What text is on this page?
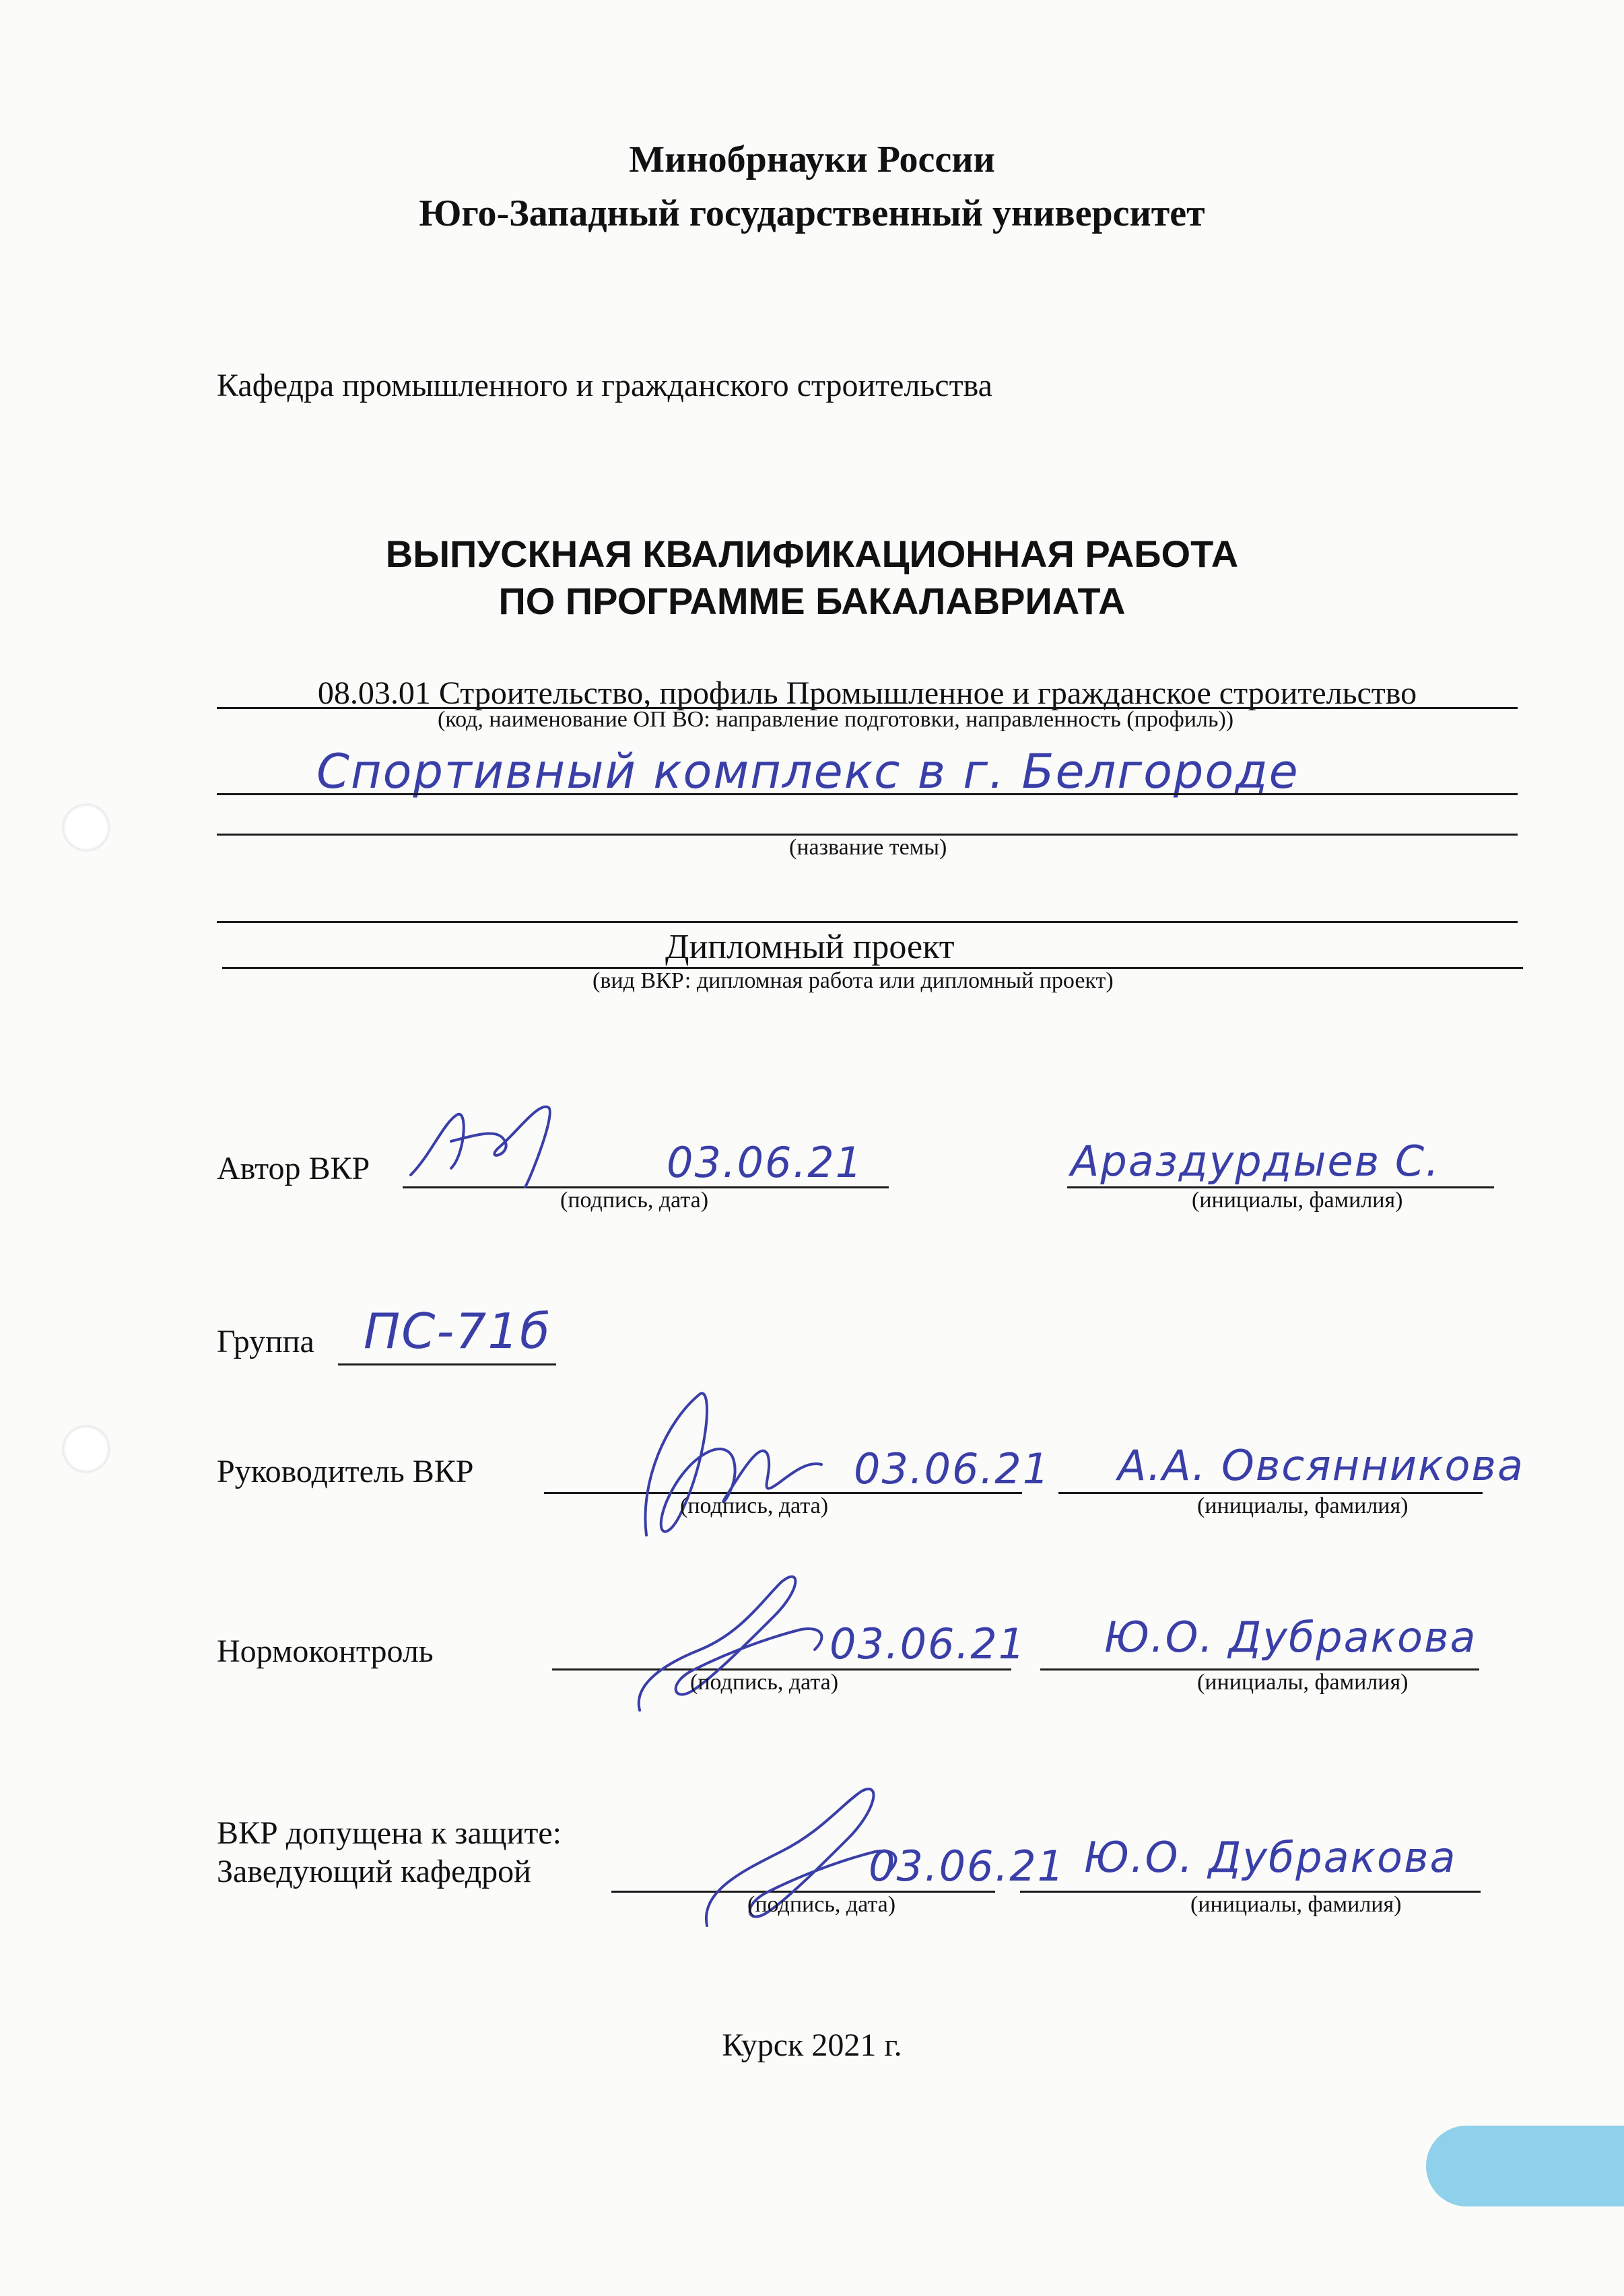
Минобрнауки России
Юго-Западный государственный университет
Кафедра промышленного и гражданского строительства
ВЫПУСКНАЯ КВАЛИФИКАЦИОННАЯ РАБОТА
ПО ПРОГРАММЕ БАКАЛАВРИАТА
08.03.01 Строительство, профиль Промышленное и гражданское строительство
(код, наименование ОП ВО: направление подготовки, направленность (профиль))
Спортивный комплекс в г. Белгороде
(название темы)
Дипломный проект
(вид ВКР: дипломная работа или дипломный проект)
Автор ВКР	03.06.21
(подпись, дата)
Араздурдыев С.
(инициалы, фамилия)
Группа ПС-71б
Руководитель ВКР	03.06.21
(подпись, дата)
А.А. Овсянникова
(инициалы, фамилия)
Нормоконтроль	03.06.21
(подпись, дата)
Ю.О. Дубракова
(инициалы, фамилия)
ВКР допущена к защите:
Заведующий кафедрой	03.06.21
(подпись, дата)
Ю.О. Дубракова
(инициалы, фамилия)
Курск 2021 г.
